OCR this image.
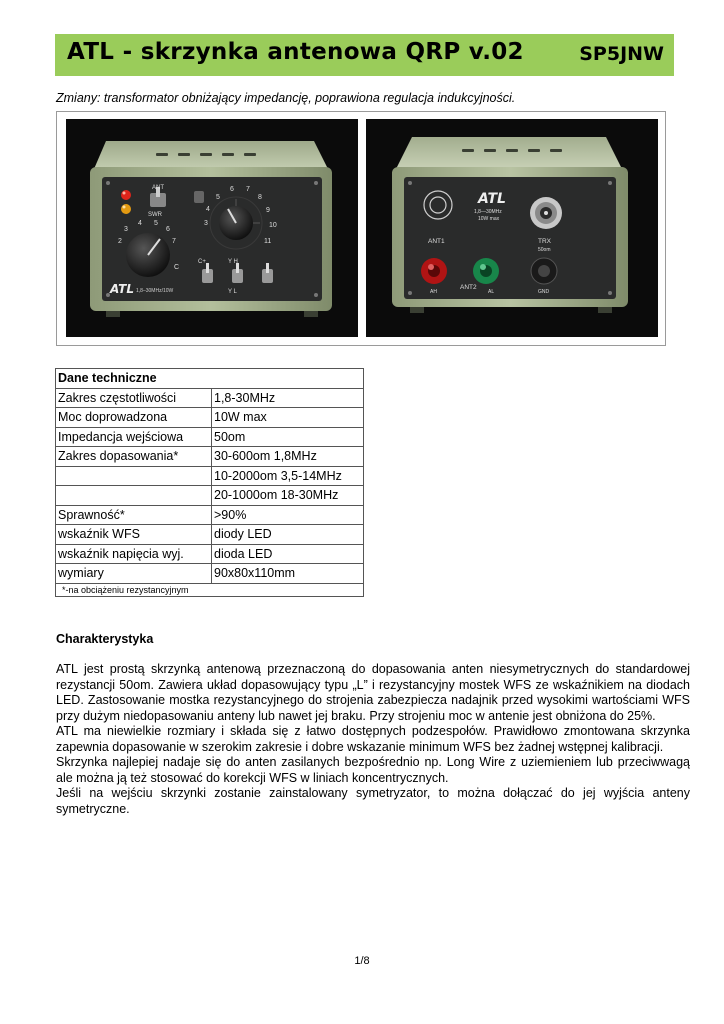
ATL - skrzynka antenowa QRP v.02	SP5JNW
Zmiany: transformator obniżający impedancję, poprawiona regulacja indukcyjności.
ANT
SWR
5
6 7
8
9
10
11
4
3
2
3
4 5
6
7
C
C+	Y H
Y L
ATL 1,8–30MHz/10W
ATL
1,8—30MHz
10W max
ANT1	TRX
50om
AH
ANT2
AL	GND
Dane techniczne	
Zakres częstotliwości	1,8-30MHz
Moc doprowadzona	10W max
Impedancja wejściowa	50om
Zakres dopasowania*	30-600om 1,8MHz
	10-2000om 3,5-14MHz
	20-1000om 18-30MHz
Sprawność*	>90%
wskaźnik WFS	diody LED
wskaźnik napięcia wyj.	dioda LED
wymiary	90x80x110mm
*-na obciążeniu rezystancyjnym	
Charakterystyka

ATL jest prostą skrzynką antenową przeznaczoną do dopasowania anten niesymetrycznych do standardowej rezystancji 50om. Zawiera układ dopasowujący typu „L” i rezystancyjny mostek WFS ze wskaźnikiem na diodach LED. Zastosowanie mostka rezystancyjnego do strojenia zabezpiecza nadajnik przed wysokimi wartościami WFS przy dużym niedopasowaniu anteny lub nawet jej braku. Przy strojeniu moc w antenie jest obniżona do 25%.

ATL ma niewielkie rozmiary i składa się z łatwo dostępnych podzespołów. Prawidłowo zmontowana skrzynka zapewnia dopasowanie w szerokim zakresie i dobre wskazanie minimum WFS bez żadnej wstępnej kalibracji.

Skrzynka najlepiej nadaje się do anten zasilanych bezpośrednio np. Long Wire z uziemieniem lub przeciwwagą ale można ją też stosować do korekcji WFS w liniach koncentrycznych.

Jeśli na wejściu skrzynki zostanie zainstalowany symetryzator, to można dołączać do jej wyjścia anteny symetryczne.

1/8
